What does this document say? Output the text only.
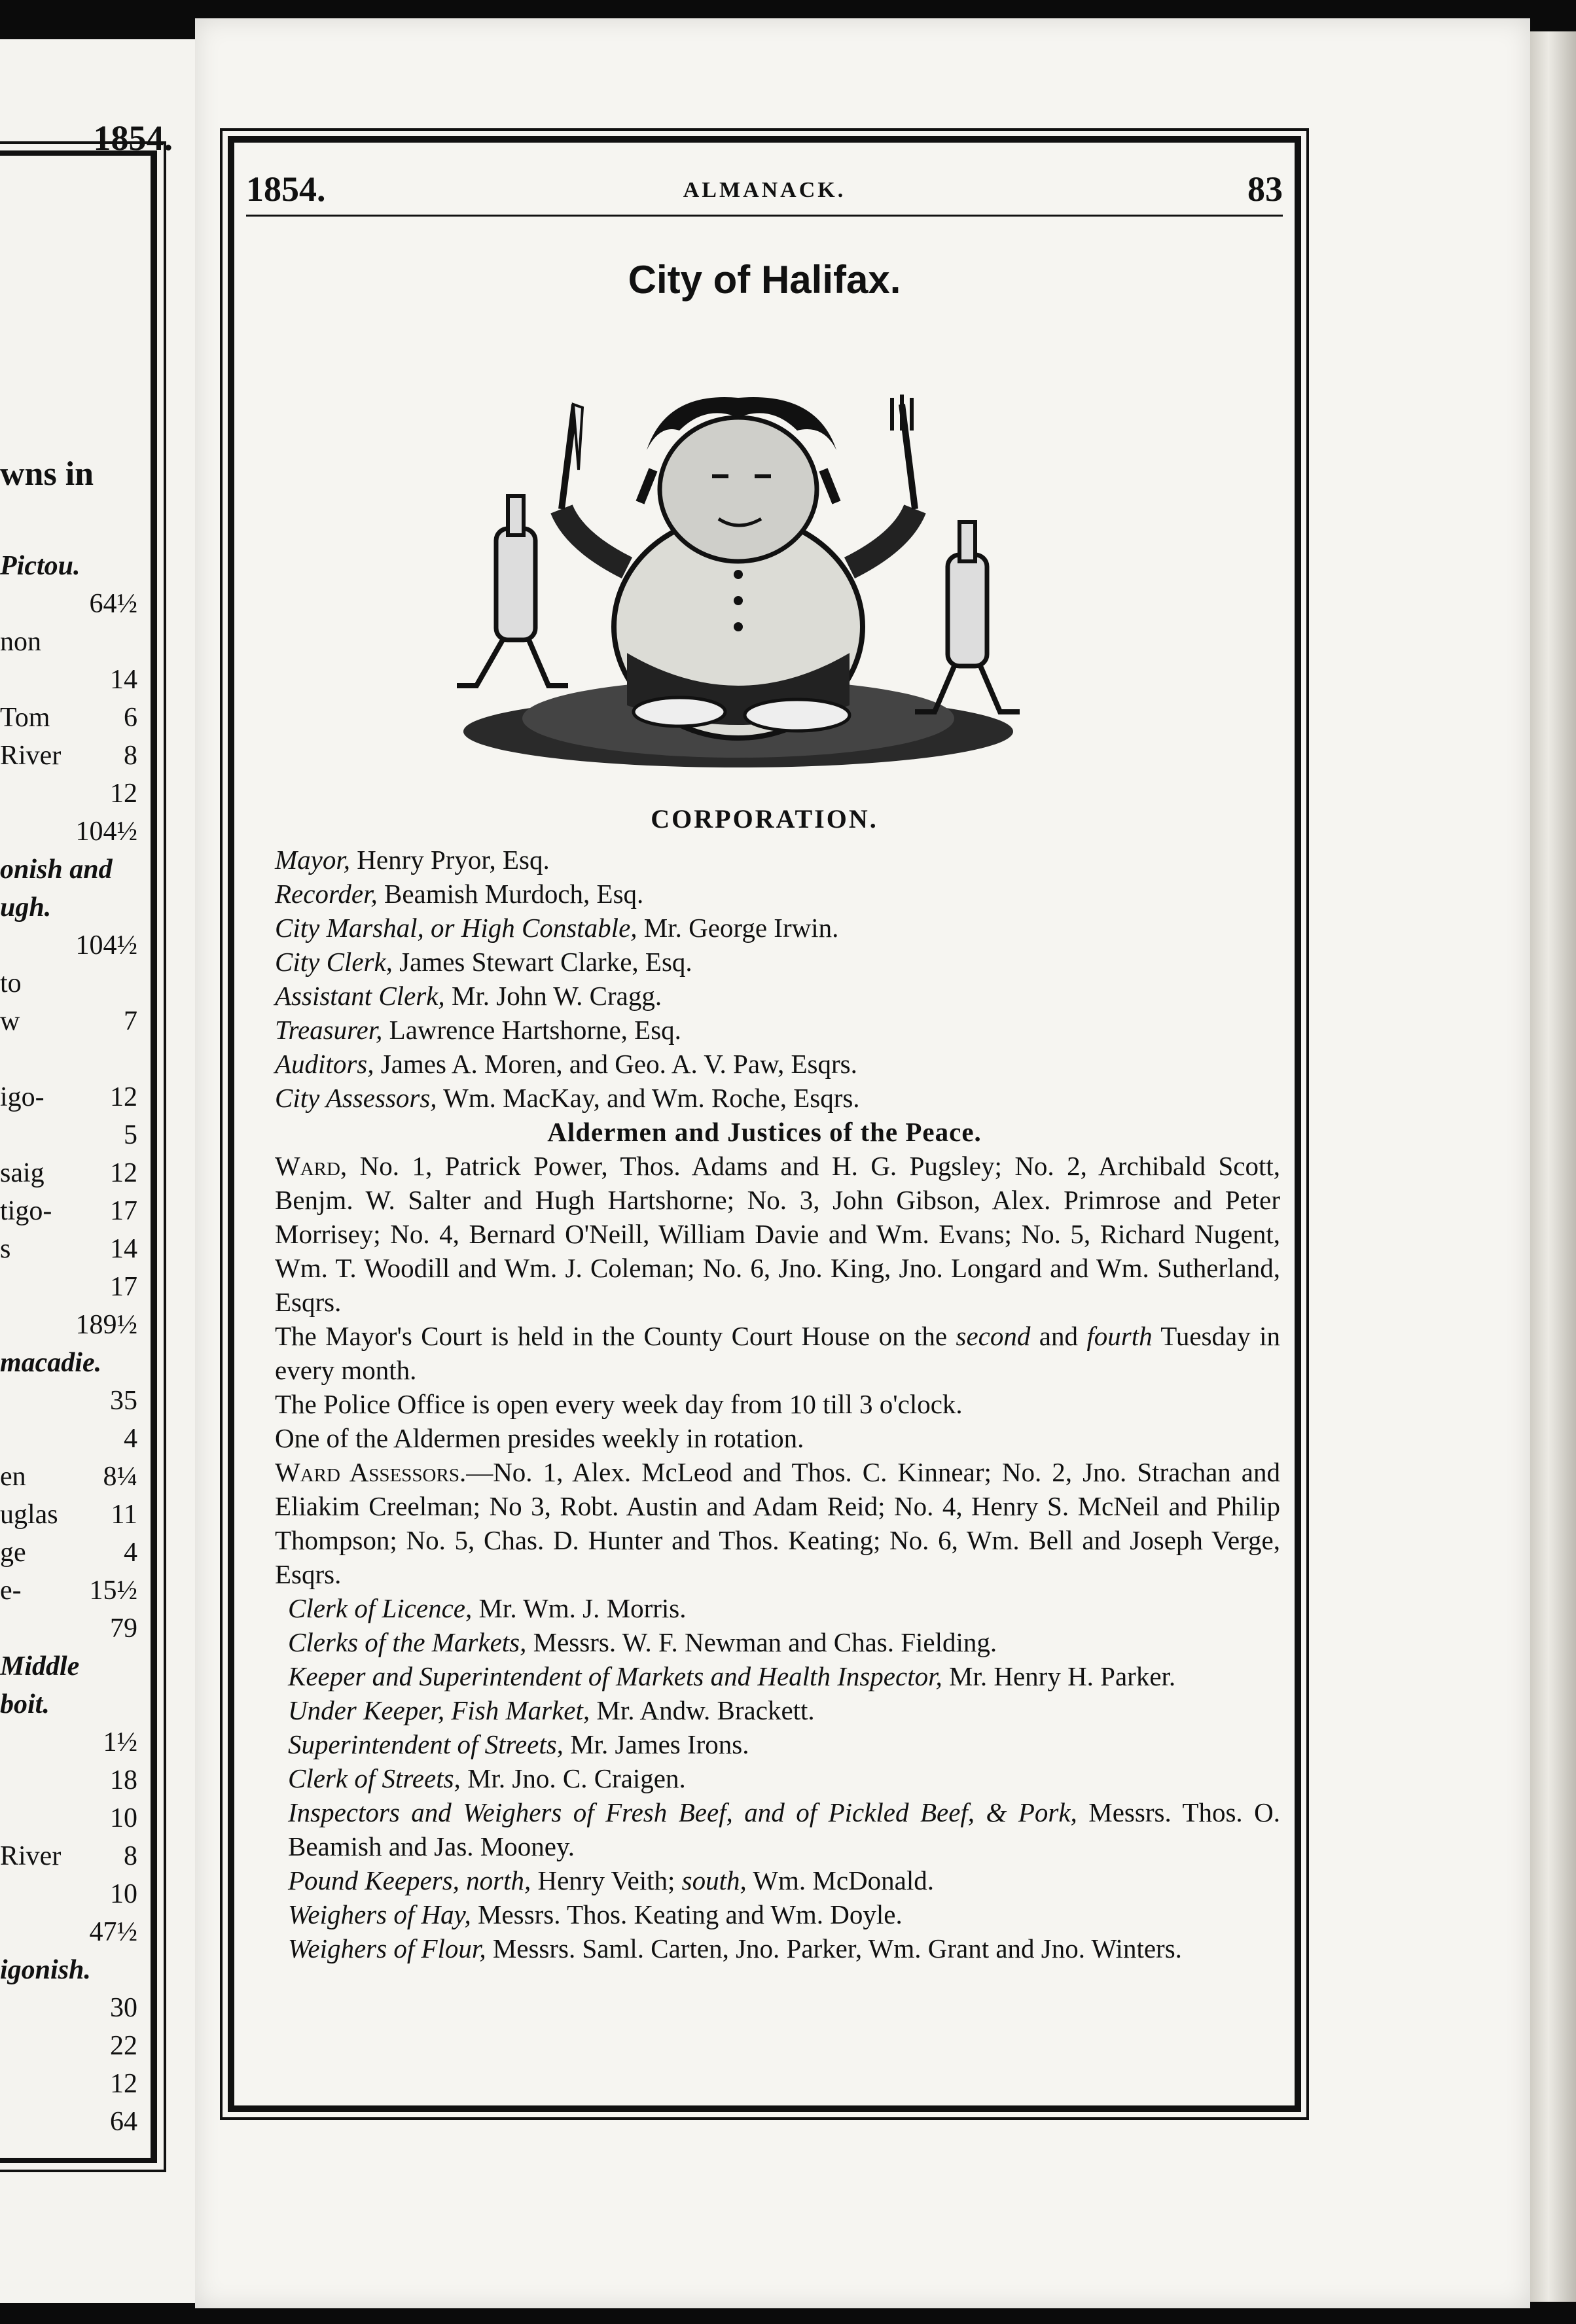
1854.
wns in
Pictou.
64½
non
14
Tom	6
River 8
12
104½
onish and
ugh.
104½
to
w	7
igo- 12
5
saig 12
tigo- 17
s	14
17
189½
macadie.
35
4
en	8¼
uglas 11
ge	4
e- 15½
79
Middle
boit.
1½
18
10
River 8
10
47½
igonish.
30
22
12
64
1854.	ALMANACK.	83
City of Halifax.
CORPORATION.

Mayor, Henry Pryor, Esq.

Recorder, Beamish Murdoch, Esq.

City Marshal, or High Constable, Mr. George Irwin.

City Clerk, James Stewart Clarke, Esq.

Assistant Clerk, Mr. John W. Cragg.

Treasurer, Lawrence Hartshorne, Esq.

Auditors, James A. Moren, and Geo. A. V. Paw, Esqrs.

City Assessors, Wm. MacKay, and Wm. Roche, Esqrs.

Aldermen and Justices of the Peace.

Ward, No. 1, Patrick Power, Thos. Adams and H. G. Pugsley; No. 2, Archibald Scott, Benjm. W. Salter and Hugh Hartshorne; No. 3, John Gibson, Alex. Primrose and Peter Morrisey; No. 4, Bernard O'Neill, William Davie and Wm. Evans; No. 5, Richard Nugent, Wm. T. Woodill and Wm. J. Coleman; No. 6, Jno. King, Jno. Longard and Wm. Sutherland, Esqrs.

The Mayor's Court is held in the County Court House on the second and fourth Tuesday in every month.

The Police Office is open every week day from 10 till 3 o'clock.

One of the Aldermen presides weekly in rotation.

Ward Assessors.—No. 1, Alex. McLeod and Thos. C. Kinnear; No. 2, Jno. Strachan and Eliakim Creelman; No 3, Robt. Austin and Adam Reid; No. 4, Henry S. McNeil and Philip Thompson; No. 5, Chas. D. Hunter and Thos. Keating; No. 6, Wm. Bell and Joseph Verge, Esqrs.

Clerk of Licence, Mr. Wm. J. Morris.

Clerks of the Markets, Messrs. W. F. Newman and Chas. Fielding.

Keeper and Superintendent of Markets and Health Inspector, Mr. Henry H. Parker.

Under Keeper, Fish Market, Mr. Andw. Brackett.

Superintendent of Streets, Mr. James Irons.

Clerk of Streets, Mr. Jno. C. Craigen.

Inspectors and Weighers of Fresh Beef, and of Pickled Beef, & Pork, Messrs. Thos. O. Beamish and Jas. Mooney.

Pound Keepers, north, Henry Veith; south, Wm. McDonald.

Weighers of Hay, Messrs. Thos. Keating and Wm. Doyle.

Weighers of Flour, Messrs. Saml. Carten, Jno. Parker, Wm. Grant and Jno. Winters.
